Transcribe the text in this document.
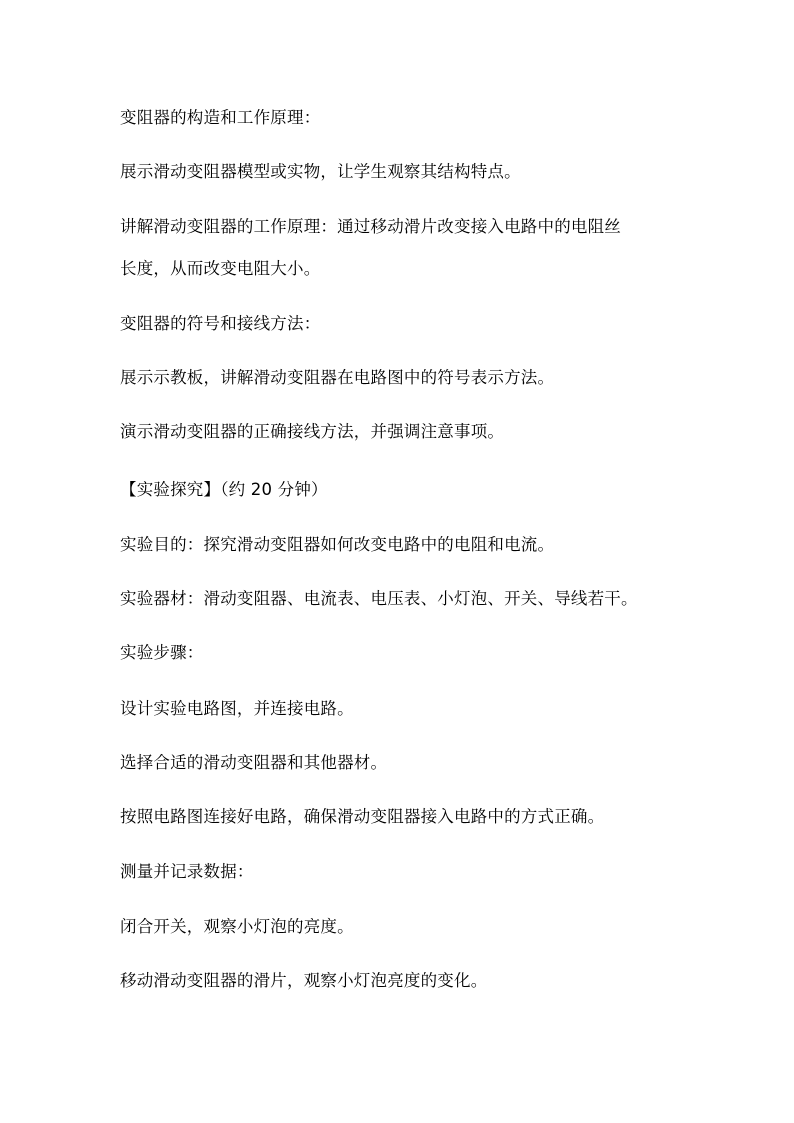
变阻器的构造和工作原理：
展示滑动变阻器模型或实物，让学生观察其结构特点。
讲解滑动变阻器的工作原理：通过移动滑片改变接入电路中的电阻丝
长度，从而改变电阻大小。
变阻器的符号和接线方法：
展示示教板，讲解滑动变阻器在电路图中的符号表示方法。
演示滑动变阻器的正确接线方法，并强调注意事项。
【实验探究】（约 20 分钟）
实验目的：探究滑动变阻器如何改变电路中的电阻和电流。
实验器材：滑动变阻器、电流表、电压表、小灯泡、开关、导线若干。
实验步骤：
设计实验电路图，并连接电路。
选择合适的滑动变阻器和其他器材。
按照电路图连接好电路，确保滑动变阻器接入电路中的方式正确。
测量并记录数据：
闭合开关，观察小灯泡的亮度。
移动滑动变阻器的滑片，观察小灯泡亮度的变化。
